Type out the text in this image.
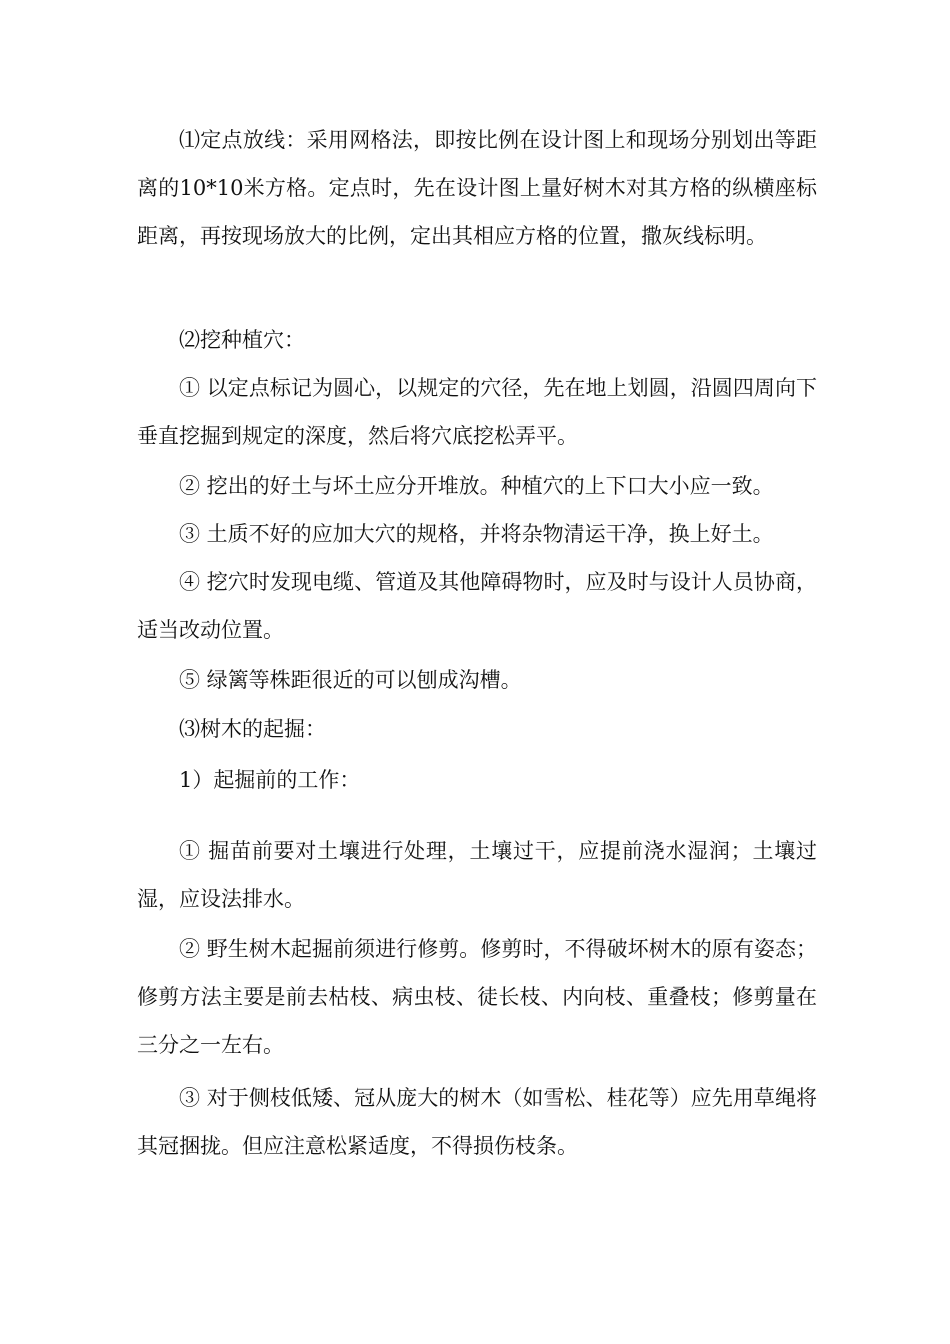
⑴定点放线：采用网格法，即按比例在设计图上和现场分别划出等距离的10*10米方格。定点时，先在设计图上量好树木对其方格的纵横座标距离，再按现场放大的比例，定出其相应方格的位置，撒灰线标明。

⑵挖种植穴：

① 以定点标记为圆心，以规定的穴径，先在地上划圆，沿圆四周向下垂直挖掘到规定的深度，然后将穴底挖松弄平。

② 挖出的好土与坏土应分开堆放。种植穴的上下口大小应一致。

③ 土质不好的应加大穴的规格，并将杂物清运干净，换上好土。

④ 挖穴时发现电缆、管道及其他障碍物时，应及时与设计人员协商，适当改动位置。

⑤ 绿篱等株距很近的可以刨成沟槽。

⑶树木的起掘：

1）起掘前的工作：

① 掘苗前要对土壤进行处理，土壤过干，应提前浇水湿润；土壤过湿，应设法排水。

② 野生树木起掘前须进行修剪。修剪时，不得破坏树木的原有姿态；修剪方法主要是前去枯枝、病虫枝、徒长枝、内向枝、重叠枝；修剪量在三分之一左右。

③ 对于侧枝低矮、冠从庞大的树木（如雪松、桂花等）应先用草绳将其冠捆拢。但应注意松紧适度，不得损伤枝条。
